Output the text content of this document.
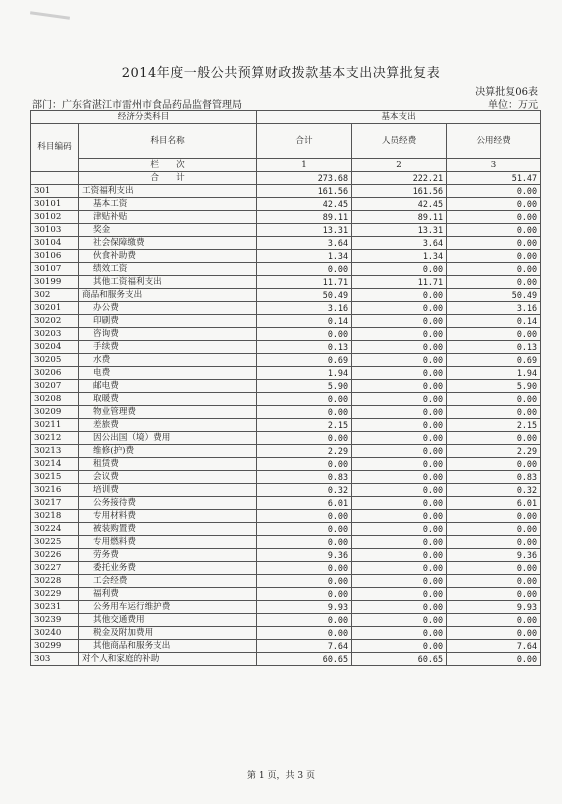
2014年度一般公共预算财政拨款基本支出决算批复表
决算批复06表
部门：广东省湛江市雷州市食品药品监督管理局	单位：万元
经济分类科目		基本支出		
科目编码	科目名称	合计	人员经费	公用经费
	栏　　次	1	2	3
	合　　计	273.68	222.21	51.47
301	工资福利支出	161.56	161.56	0.00
30101	基本工资	42.45	42.45	0.00
30102	津贴补贴	89.11	89.11	0.00
30103	奖金	13.31	13.31	0.00
30104	社会保障缴费	3.64	3.64	0.00
30106	伙食补助费	1.34	1.34	0.00
30107	绩效工资	0.00	0.00	0.00
30199	其他工资福利支出	11.71	11.71	0.00
302	商品和服务支出	50.49	0.00	50.49
30201	办公费	3.16	0.00	3.16
30202	印刷费	0.14	0.00	0.14
30203	咨询费	0.00	0.00	0.00
30204	手续费	0.13	0.00	0.13
30205	水费	0.69	0.00	0.69
30206	电费	1.94	0.00	1.94
30207	邮电费	5.90	0.00	5.90
30208	取暖费	0.00	0.00	0.00
30209	物业管理费	0.00	0.00	0.00
30211	差旅费	2.15	0.00	2.15
30212	因公出国（境）费用	0.00	0.00	0.00
30213	维修(护)费	2.29	0.00	2.29
30214	租赁费	0.00	0.00	0.00
30215	会议费	0.83	0.00	0.83
30216	培训费	0.32	0.00	0.32
30217	公务接待费	6.01	0.00	6.01
30218	专用材料费	0.00	0.00	0.00
30224	被装购置费	0.00	0.00	0.00
30225	专用燃料费	0.00	0.00	0.00
30226	劳务费	9.36	0.00	9.36
30227	委托业务费	0.00	0.00	0.00
30228	工会经费	0.00	0.00	0.00
30229	福利费	0.00	0.00	0.00
30231	公务用车运行维护费	9.93	0.00	9.93
30239	其他交通费用	0.00	0.00	0.00
30240	税金及附加费用	0.00	0.00	0.00
30299	其他商品和服务支出	7.64	0.00	7.64
303	对个人和家庭的补助	60.65	60.65	0.00
第 1 页，共 3 页
